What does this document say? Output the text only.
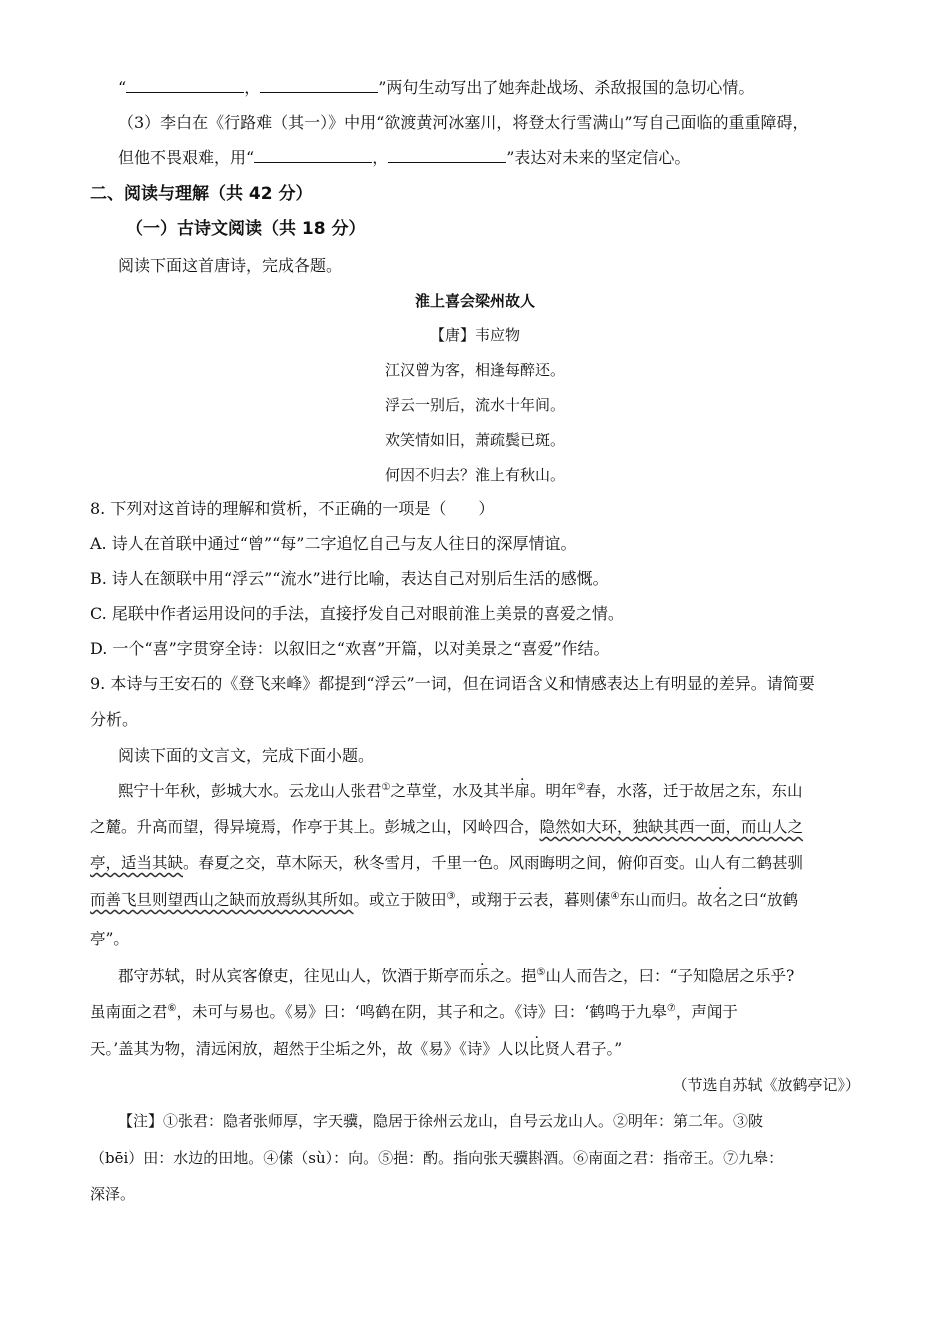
“	，	”两句生动写出了她奔赴战场、杀敌报国的急切心情。
（3）李白在《行路难（其一）》中用“欲渡黄河冰塞川，将登太行雪满山”写自己面临的重重障碍，
但他不畏艰难，用“	，	”表达对未来的坚定信心。
二、阅读与理解（共 42 分）
（一）古诗文阅读（共 18 分）
阅读下面这首唐诗，完成各题。
淮上喜会梁州故人
【唐】韦应物
江汉曾为客，相逢每醉还。
浮云一别后，流水十年间。
欢笑情如旧，萧疏鬓已斑。
何因不归去？淮上有秋山。
8. 下列对这首诗的理解和赏析，不正确的一项是（　　）
A. 诗人在首联中通过“曾”“每”二字追忆自己与友人往日的深厚情谊。
B. 诗人在颔联中用“浮云”“流水”进行比喻，表达自己对别后生活的感慨。
C. 尾联中作者运用设问的手法，直接抒发自己对眼前淮上美景的喜爱之情。
D. 一个“喜”字贯穿全诗：以叙旧之“欢喜”开篇，以对美景之“喜爱”作结。
9. 本诗与王安石的《登飞来峰》都提到“浮云”一词，但在词语含义和情感表达上有明显的差异。请简要
分析。
阅读下面的文言文，完成下面小题。
熙宁十年秋，彭城大水。云龙山人张君①之草堂，水及其半扉。明年②春，水落，迁于故居之东，东山
之麓。升高而望，得异境焉，作亭于其上。彭城之山，冈岭四合，隐然如大环，独缺其西一面，而山人之
亭，适当其缺。春夏之交，草木际天，秋冬雪月，千里一色。风雨晦明之间，俯仰百变。山人有二鹤甚驯
而善飞旦则望西山之缺而放焉纵其所如。或立于陂田③，或翔于云表，暮则傃④东山而归。故名之曰“放鹤
亭”。
郡守苏轼，时从宾客僚吏，往见山人，饮酒于斯亭而乐之。挹⑤山人而告之，曰：“子知隐居之乐乎?
虽南面之君⑥，未可与易也。《易》曰：‘鸣鹤在阴，其子和之。《诗》曰：‘鹤鸣于九皋⑦，声闻于
天。’盖其为物，清远闲放，超然于尘垢之外，故《易》《诗》人以比贤人君子。”
（节选自苏轼《放鹤亭记》）
【注】①张君：隐者张师厚，字天骥，隐居于徐州云龙山，自号云龙山人。②明年：第二年。③陂
（bēi）田：水边的田地。④傃（sù）：向。⑤挹：酌。指向张天骥斟酒。⑥南面之君：指帝王。⑦九皋：
深泽。
